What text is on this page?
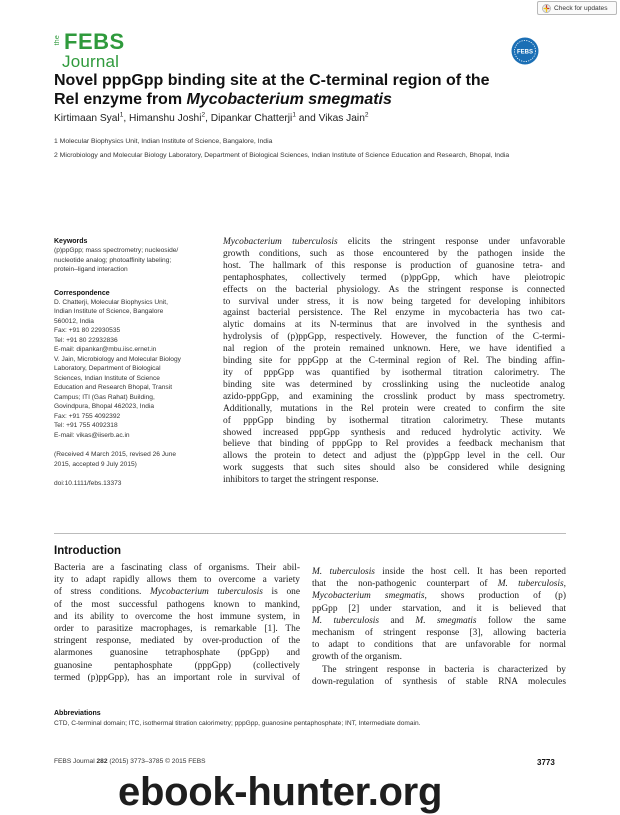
Check for updates
the FEBS
Journal	FEBS
Novel pppGpp binding site at the C-terminal region of the
Rel enzyme from Mycobacterium smegmatis
Kirtimaan Syal$^1$, Himanshu Joshi$^2$, Dipankar Chatterji$^1$ and Vikas Jain$^2$
1 Molecular Biophysics Unit, Indian Institute of Science, Bangalore, India
2 Microbiology and Molecular Biology Laboratory, Department of Biological Sciences, Indian Institute of Science Education and Research, Bhopal, India
Keywords
(p)ppGpp; mass spectrometry; nucleoside/
nucleotide analog; photoaffinity labeling;
protein–ligand interaction
Correspondence
D. Chatterji, Molecular Biophysics Unit,
Indian Institute of Science, Bangalore
560012, India
Fax: +91 80 22930535
Tel: +91 80 22932836
E-mail: dipankar@mbu.iisc.ernet.in
V. Jain, Microbiology and Molecular Biology
Laboratory, Department of Biological
Sciences, Indian Institute of Science
Education and Research Bhopal, Transit
Campus; ITI (Gas Rahat) Building,
Govindpura, Bhopal 462023, India
Fax: +91 755 4092392
Tel: +91 755 4092318
E-mail: vikas@iiserb.ac.in
(Received 4 March 2015, revised 26 June
2015, accepted 9 July 2015)
doi:10.1111/febs.13373
Mycobacterium tuberculosis elicits the stringent response under unfavorable
growth conditions, such as those encountered by the pathogen inside the
host. The hallmark of this response is production of guanosine tetra- and
pentaphosphates, collectively termed (p)ppGpp, which have pleiotropic
effects on the bacterial physiology. As the stringent response is connected
to survival under stress, it is now being targeted for developing inhibitors
against bacterial persistence. The Rel enzyme in mycobacteria has two cat-
alytic domains at its N-terminus that are involved in the synthesis and
hydrolysis of (p)ppGpp, respectively. However, the function of the C-termi-
nal region of the protein remained unknown. Here, we have identified a
binding site for pppGpp at the C-terminal region of Rel. The binding affin-
ity of pppGpp was quantified by isothermal titration calorimetry. The
binding site was determined by crosslinking using the nucleotide analog
azido-pppGpp, and examining the crosslink product by mass spectrometry.
Additionally, mutations in the Rel protein were created to confirm the site
of pppGpp binding by isothermal titration calorimetry. These mutants
showed increased pppGpp synthesis and reduced hydrolytic activity. We
believe that binding of pppGpp to Rel provides a feedback mechanism that
allows the protein to detect and adjust the (p)ppGpp level in the cell. Our
work suggests that such sites should also be considered while designing
inhibitors to target the stringent response.
Introduction
Bacteria are a fascinating class of organisms. Their abil-
ity to adapt rapidly allows them to overcome a variety
of stress conditions. Mycobacterium tuberculosis is one
of the most successful pathogens known to mankind,
and its ability to overcome the host immune system, in
order to parasitize macrophages, is remarkable [1]. The
stringent response, mediated by over-production of the
alarmones guanosine tetraphosphate (ppGpp) and
guanosine pentaphosphate (pppGpp) (collectively
termed (p)ppGpp), has an important role in survival of
M. tuberculosis inside the host cell. It has been reported
that the non-pathogenic counterpart of M. tuberculosis,
Mycobacterium smegmatis, shows production of (p)
ppGpp [2] under starvation, and it is believed that
M. tuberculosis and M. smegmatis follow the same
mechanism of stringent response [3], allowing bacteria
to adapt to conditions that are unfavorable for normal
growth of the organism.
The stringent response in bacteria is characterized by
down-regulation of synthesis of stable RNA molecules
Abbreviations
CTD, C-terminal domain; ITC, isothermal titration calorimetry; pppGpp, guanosine pentaphosphate; INT, Intermediate domain.
FEBS Journal 282 (2015) 3773–3785 © 2015 FEBS	3773
ebook-hunter.org
